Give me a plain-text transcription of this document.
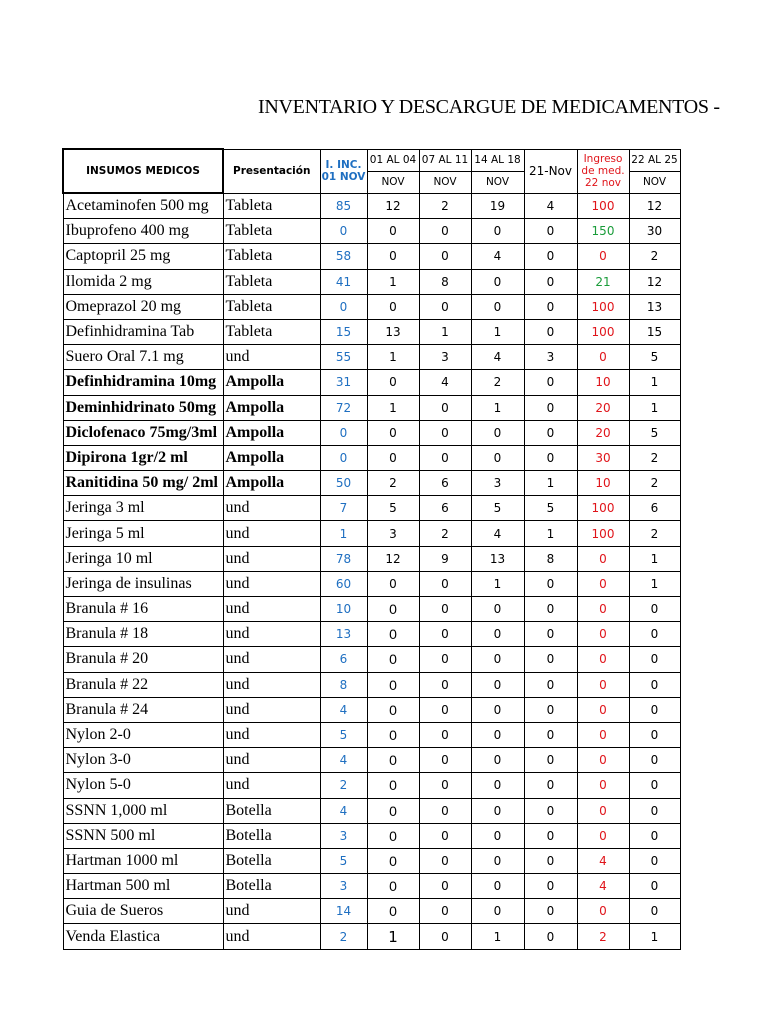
INVENTARIO Y DESCARGUE DE MEDICAMENTOS -
INSUMOS MEDICOS	Presentación	I. INC.
01 NOV	01 AL 04	07 AL 11	14 AL 18	21-Nov	Ingreso
de med.
22 nov	22 AL 25
			NOV	NOV	NOV			NOV
Acetaminofen 500 mg	Tableta	85	12	2	19	4	100	12
Ibuprofeno 400 mg	Tableta	0	0	0	0	0	150	30
Captopril 25 mg	Tableta	58	0	0	4	0	0	2
Ilomida 2 mg	Tableta	41	1	8	0	0	21	12
Omeprazol 20 mg	Tableta	0	0	0	0	0	100	13
Definhidramina Tab	Tableta	15	13	1	1	0	100	15
Suero Oral 7.1 mg	und	55	1	3	4	3	0	5
Definhidramina 10mg	Ampolla	31	0	4	2	0	10	1
Deminhidrinato 50mg	Ampolla	72	1	0	1	0	20	1
Diclofenaco 75mg/3ml	Ampolla	0	0	0	0	0	20	5
Dipirona 1gr/2 ml	Ampolla	0	0	0	0	0	30	2
Ranitidina 50 mg/ 2ml	Ampolla	50	2	6	3	1	10	2
Jeringa 3 ml	und	7	5	6	5	5	100	6
Jeringa 5 ml	und	1	3	2	4	1	100	2
Jeringa 10 ml	und	78	12	9	13	8	0	1
Jeringa de insulinas	und	60	0	0	1	0	0	1
Branula # 16	und	10	0	0	0	0	0	0
Branula # 18	und	13	0	0	0	0	0	0
Branula # 20	und	6	0	0	0	0	0	0
Branula # 22	und	8	0	0	0	0	0	0
Branula # 24	und	4	0	0	0	0	0	0
Nylon 2-0	und	5	0	0	0	0	0	0
Nylon 3-0	und	4	0	0	0	0	0	0
Nylon 5-0	und	2	0	0	0	0	0	0
SSNN 1,000 ml	Botella	4	0	0	0	0	0	0
SSNN 500 ml	Botella	3	0	0	0	0	0	0
Hartman 1000 ml	Botella	5	0	0	0	0	4	0
Hartman 500 ml	Botella	3	0	0	0	0	4	0
Guia de Sueros	und	14	0	0	0	0	0	0
Venda Elastica	und	2	1	0	1	0	2	1
